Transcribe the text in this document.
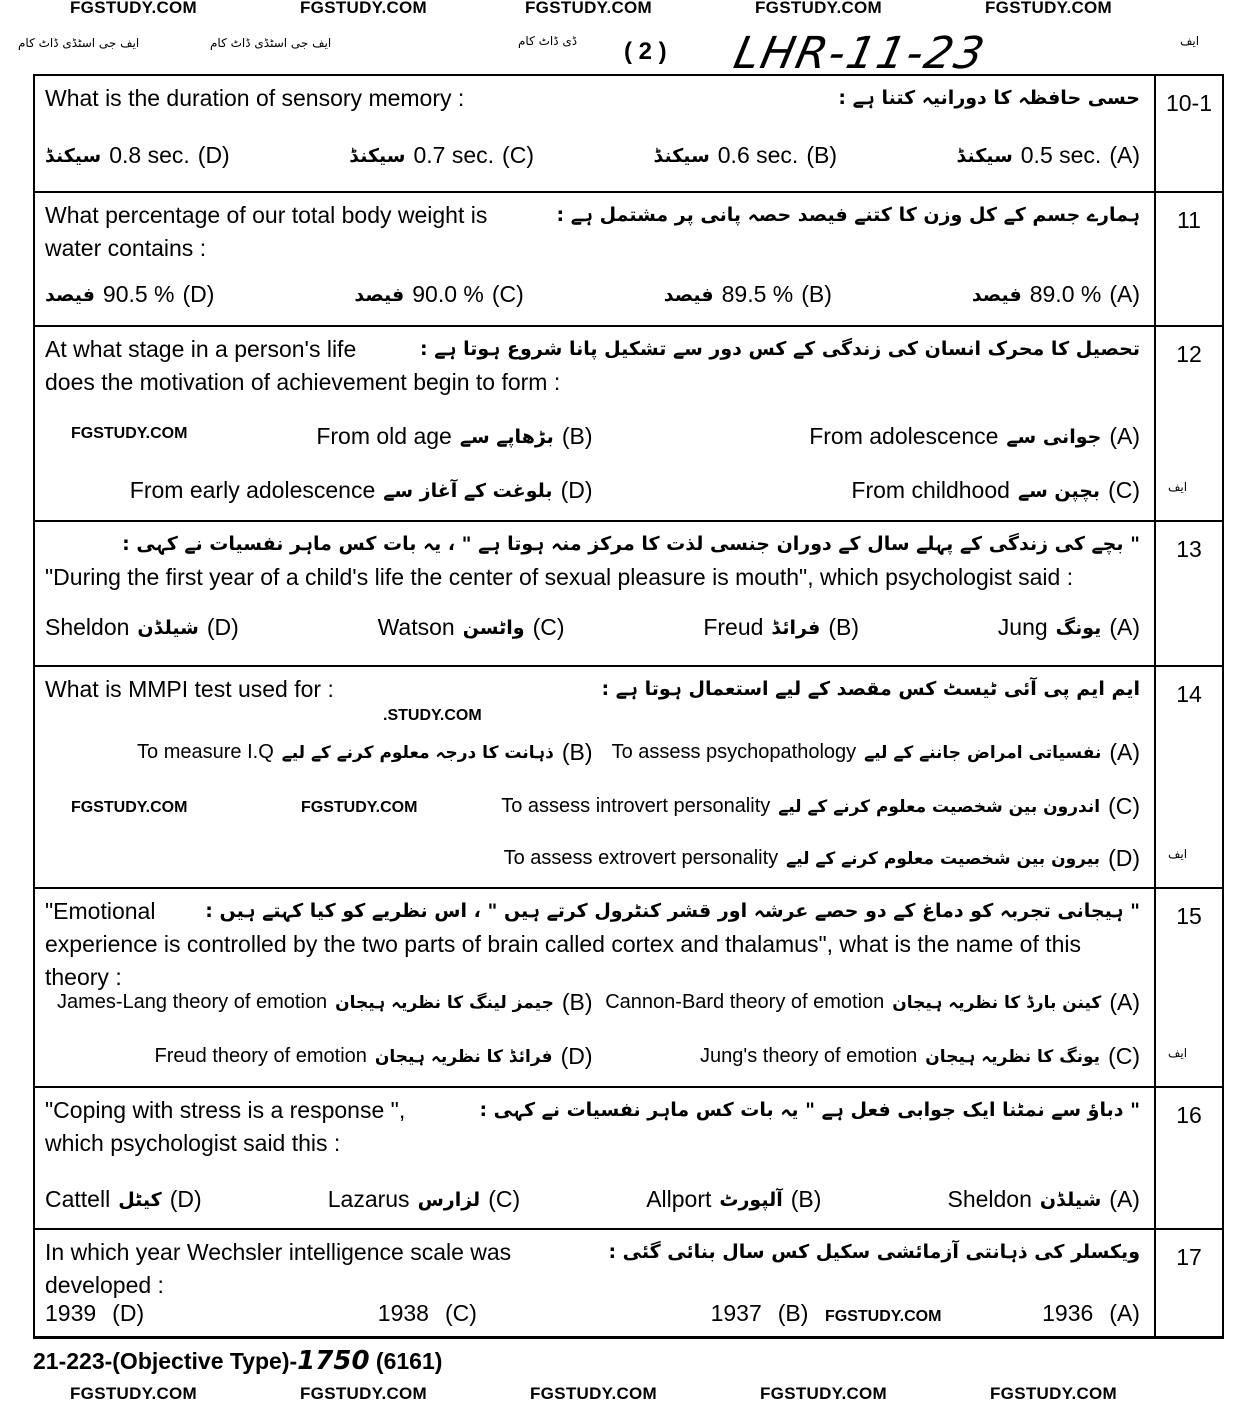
FGSTUDY.COM	FGSTUDY.COM	FGSTUDY.COM	FGSTUDY.COM	FGSTUDY.COM
ایف جی اسٹڈی ڈاٹ کام	ایف جی اسٹڈی ڈاٹ کام	ڈی ڈاٹ کام	ایف
( 2 ) LHR-11-23
حسی حافظہ کا دورانیہ کتنا ہے :
What is the duration of sensory memory :
سیکنڈ 0.5 sec. (A)
سیکنڈ 0.6 sec. (B)
سیکنڈ 0.7 sec. (C)
سیکنڈ 0.8 sec. (D)
10-1
ہمارے جسم کے کل وزن کا کتنے فیصد حصہ پانی پر مشتمل ہے :
What percentage of our total body weight is water contains :
فیصد 89.0 % (A)
فیصد 89.5 % (B)
فیصد 90.0 % (C)
فیصد 90.5 % (D)
11
تحصیل کا محرک انسان کی زندگی کے کس دور سے تشکیل پانا شروع ہوتا ہے :
At what stage in a person's life does the motivation of achievement begin to form :
From adolescence جوانی سے (A)
From old age بڑھاپے سے (B)
From childhood بچپن سے (C)
From early adolescence بلوغت کے آغاز سے (D)
FGSTUDY.COM
12
ایف
" بچے کی زندگی کے پہلے سال کے دوران جنسی لذت کا مرکز منہ ہوتا ہے " ، یہ بات کس ماہر نفسیات نے کہی :
"During the first year of a child's life the center of sexual pleasure is mouth", which psychologist said :
Jung یونگ (A)
Freud فرائڈ (B)
Watson واٹسن (C)
Sheldon شیلڈن (D)
13
ایم ایم پی آئی ٹیسٹ کس مقصد کے لیے استعمال ہوتا ہے :
What is MMPI test used for :
To assess psychopathology نفسیاتی امراض جاننے کے لیے (A)
To measure I.Q ذہانت کا درجہ معلوم کرنے کے لیے (B)
To assess introvert personality اندرون بین شخصیت معلوم کرنے کے لیے (C)
To assess extrovert personality بیرون بین شخصیت معلوم کرنے کے لیے (D)
FGSTUDY.COM	FGSTUDY.COM
.STUDY.COM
14
ایف
" ہیجانی تجربہ کو دماغ کے دو حصے عرشہ اور قشر کنٹرول کرتے ہیں " ، اس نظریے کو کیا کہتے ہیں :
"Emotional experience is controlled by the two parts of brain called cortex and thalamus", what is the name of this theory :
Cannon-Bard theory of emotion کینن بارڈ کا نظریہ ہیجان (A)
James-Lang theory of emotion جیمز لینگ کا نظریہ ہیجان (B)
Jung's theory of emotion یونگ کا نظریہ ہیجان (C)
Freud theory of emotion فرائڈ کا نظریہ ہیجان (D)
15
ایف
" دباؤ سے نمٹنا ایک جوابی فعل ہے " یہ بات کس ماہر نفسیات نے کہی :
"Coping with stress is a response ", which psychologist said this :
Sheldon شیلڈن (A)
Allport آلپورٹ (B)
Lazarus لزارس (C)
Cattell کیٹل (D)
16
ویکسلر کی ذہانتی آزمائشی سکیل کس سال بنائی گئی :
In which year Wechsler intelligence scale was developed :
1936 (A)
1937 (B)
1938 (C)
1939 (D)	FGSTUDY.COM
17
21-223-(Objective Type)-1750 (6161)
FGSTUDY.COM	FGSTUDY.COM	FGSTUDY.COM	FGSTUDY.COM	FGSTUDY.COM
